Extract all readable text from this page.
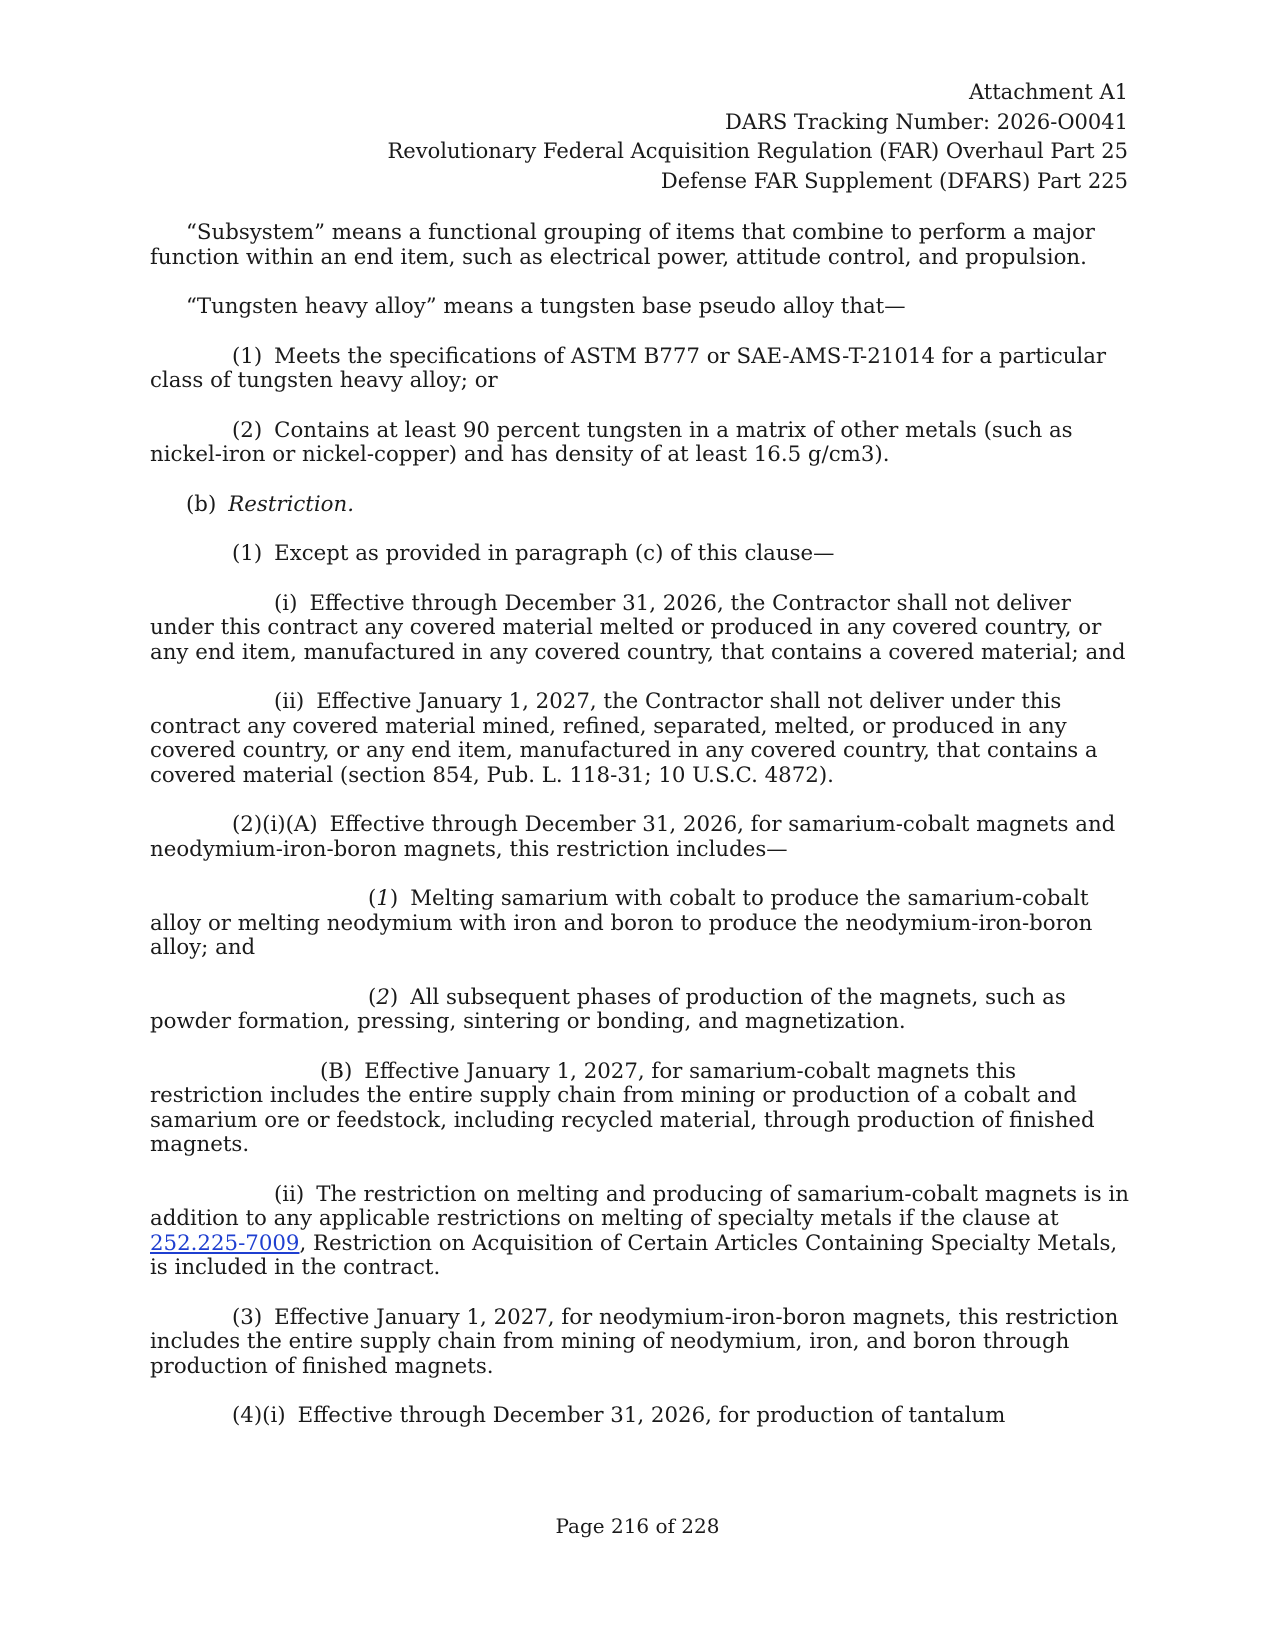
Attachment A1
DARS Tracking Number: 2026-O0041
Revolutionary Federal Acquisition Regulation (FAR) Overhaul Part 25
Defense FAR Supplement (DFARS) Part 225

“Subsystem” means a functional grouping of items that combine to perform a major function within an end item, such as electrical power, attitude control, and propulsion.

“Tungsten heavy alloy” means a tungsten base pseudo alloy that—

(1) Meets the specifications of ASTM B777 or SAE-AMS-T-21014 for a particular class of tungsten heavy alloy; or

(2) Contains at least 90 percent tungsten in a matrix of other metals (such as nickel-iron or nickel-copper) and has density of at least 16.5 g/cm3).

(b) Restriction.

(1) Except as provided in paragraph (c) of this clause—

(i) Effective through December 31, 2026, the Contractor shall not deliver under this contract any covered material melted or produced in any covered country, or any end item, manufactured in any covered country, that contains a covered material; and

(ii) Effective January 1, 2027, the Contractor shall not deliver under this contract any covered material mined, refined, separated, melted, or produced in any covered country, or any end item, manufactured in any covered country, that contains a covered material (section 854, Pub. L. 118-31; 10 U.S.C. 4872).

(2)(i)(A) Effective through December 31, 2026, for samarium-cobalt magnets and neodymium-iron-boron magnets, this restriction includes—

(1) Melting samarium with cobalt to produce the samarium-cobalt alloy or melting neodymium with iron and boron to produce the neodymium-iron-boron alloy; and

(2) All subsequent phases of production of the magnets, such as powder formation, pressing, sintering or bonding, and magnetization.

(B) Effective January 1, 2027, for samarium-cobalt magnets this restriction includes the entire supply chain from mining or production of a cobalt and samarium ore or feedstock, including recycled material, through production of finished magnets.

(ii) The restriction on melting and producing of samarium-cobalt magnets is in addition to any applicable restrictions on melting of specialty metals if the clause at 252.225-7009, Restriction on Acquisition of Certain Articles Containing Specialty Metals, is included in the contract.

(3) Effective January 1, 2027, for neodymium-iron-boron magnets, this restriction includes the entire supply chain from mining of neodymium, iron, and boron through production of finished magnets.

(4)(i) Effective through December 31, 2026, for production of tantalum

Page 216 of 228
